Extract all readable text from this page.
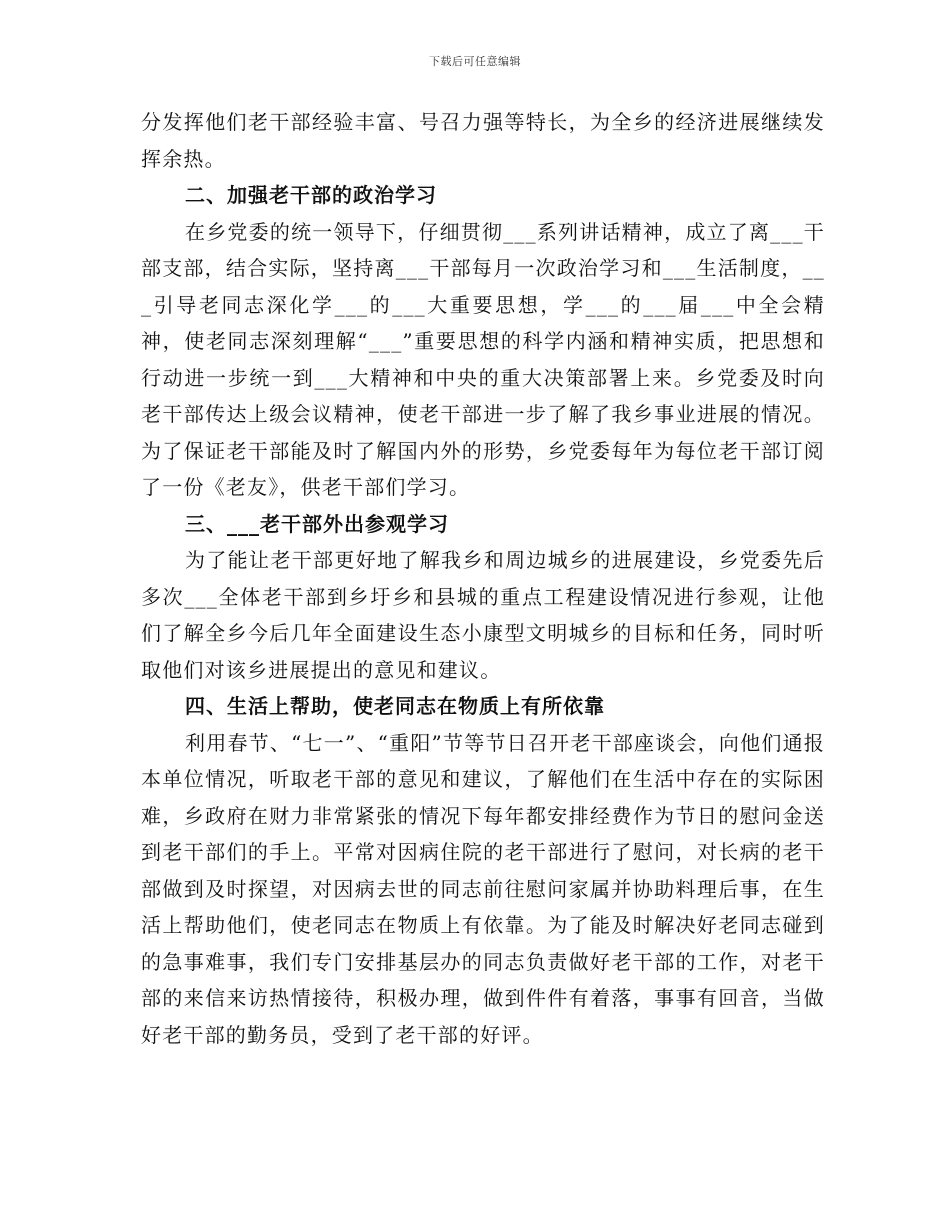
下载后可任意编辑

分发挥他们老干部经验丰富、号召力强等特长，为全乡的经济进展继续发挥余热。

二、加强老干部的政治学习

在乡党委的统一领导下，仔细贯彻___系列讲话精神，成立了离___干部支部，结合实际，坚持离___干部每月一次政治学习和___生活制度，___引导老同志深化学___的___大重要思想，学___的___届___中全会精神，使老同志深刻理解“___”重要思想的科学内涵和精神实质，把思想和行动进一步统一到___大精神和中央的重大决策部署上来。乡党委及时向老干部传达上级会议精神，使老干部进一步了解了我乡事业进展的情况。为了保证老干部能及时了解国内外的形势，乡党委每年为每位老干部订阅了一份《老友》，供老干部们学习。

三、___老干部外出参观学习

为了能让老干部更好地了解我乡和周边城乡的进展建设，乡党委先后多次___全体老干部到乡圩乡和县城的重点工程建设情况进行参观，让他们了解全乡今后几年全面建设生态小康型文明城乡的目标和任务，同时听取他们对该乡进展提出的意见和建议。

四、生活上帮助，使老同志在物质上有所依靠

利用春节、“七一”、“重阳”节等节日召开老干部座谈会，向他们通报本单位情况，听取老干部的意见和建议，了解他们在生活中存在的实际困难，乡政府在财力非常紧张的情况下每年都安排经费作为节日的慰问金送到老干部们的手上。平常对因病住院的老干部进行了慰问，对长病的老干部做到及时探望，对因病去世的同志前往慰问家属并协助料理后事，在生活上帮助他们，使老同志在物质上有依靠。为了能及时解决好老同志碰到的急事难事，我们专门安排基层办的同志负责做好老干部的工作，对老干部的来信来访热情接待，积极办理，做到件件有着落，事事有回音，当做好老干部的勤务员，受到了老干部的好评。
